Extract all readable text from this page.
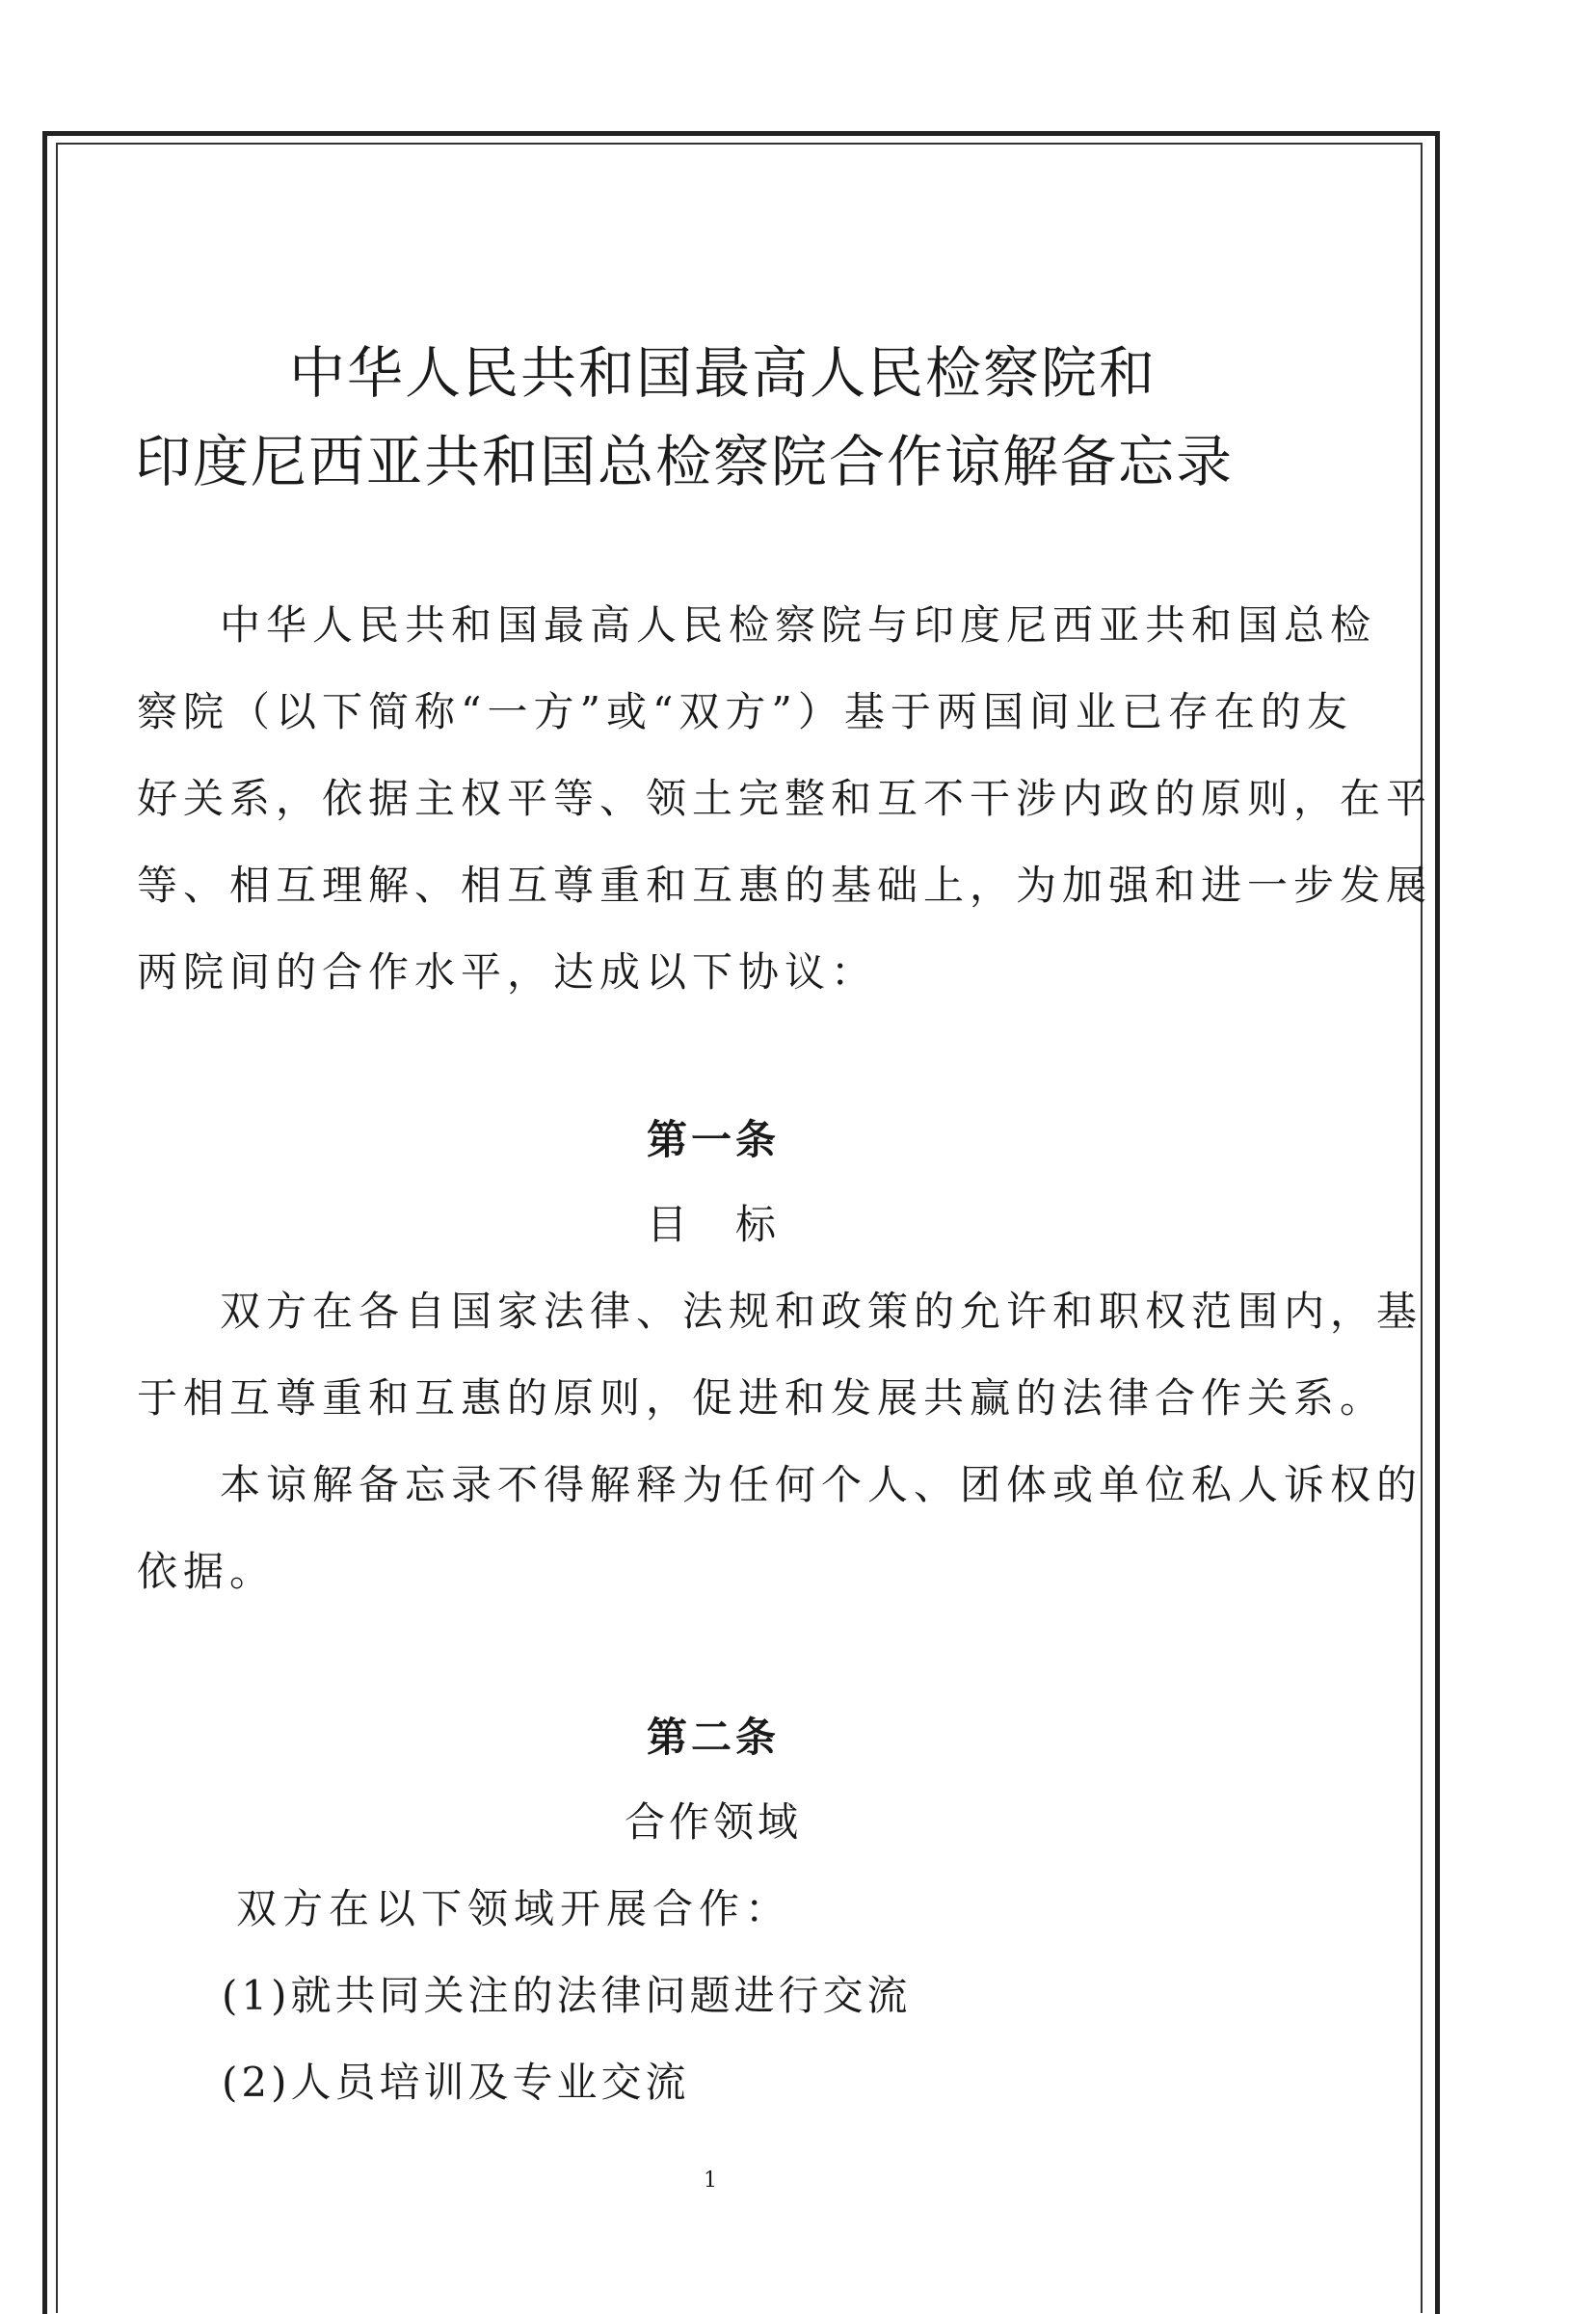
中华人民共和国最高人民检察院和
印度尼西亚共和国总检察院合作谅解备忘录
中华人民共和国最高人民检察院与印度尼西亚共和国总检
察院（以下简称“一方”或“双方”）基于两国间业已存在的友
好关系，依据主权平等、领土完整和互不干涉内政的原则，在平
等、相互理解、相互尊重和互惠的基础上，为加强和进一步发展
两院间的合作水平，达成以下协议：
第一条
目　标
双方在各自国家法律、法规和政策的允许和职权范围内，基
于相互尊重和互惠的原则，促进和发展共赢的法律合作关系。
本谅解备忘录不得解释为任何个人、团体或单位私人诉权的
依据。
第二条
合作领域
双方在以下领域开展合作：
(1)就共同关注的法律问题进行交流
(2)人员培训及专业交流
1
